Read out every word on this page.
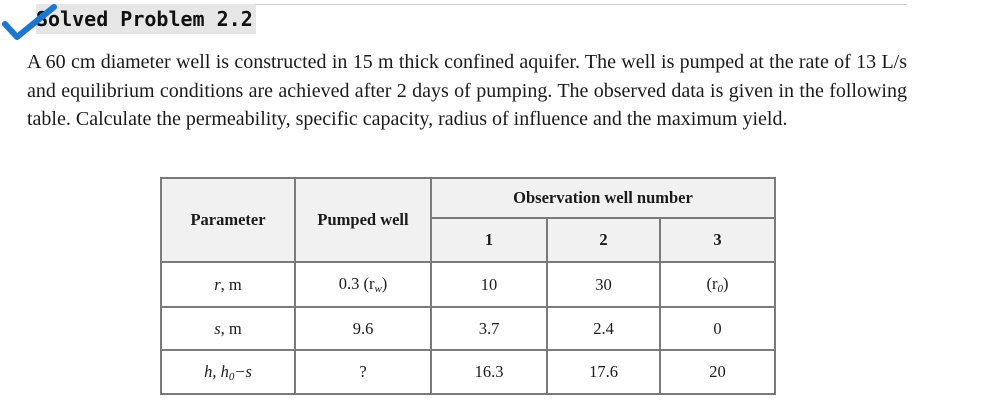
Solved Problem 2.2

A 60 cm diameter well is constructed in 15 m thick confined aquifer. The well is pumped at the rate of 13 L/s and equilibrium conditions are achieved after 2 days of pumping. The observed data is given in the following table. Calculate the permeability, specific capacity, radius of influence and the maximum yield.

Parameter	Pumped well	Observation well number		
		1	2	3
r, m	0.3 $(r_w)$	10	30	$(r_0)$
s, m	9.6	3.7	2.4	0
h, $h_0-s$	?	16.3	17.6	20
